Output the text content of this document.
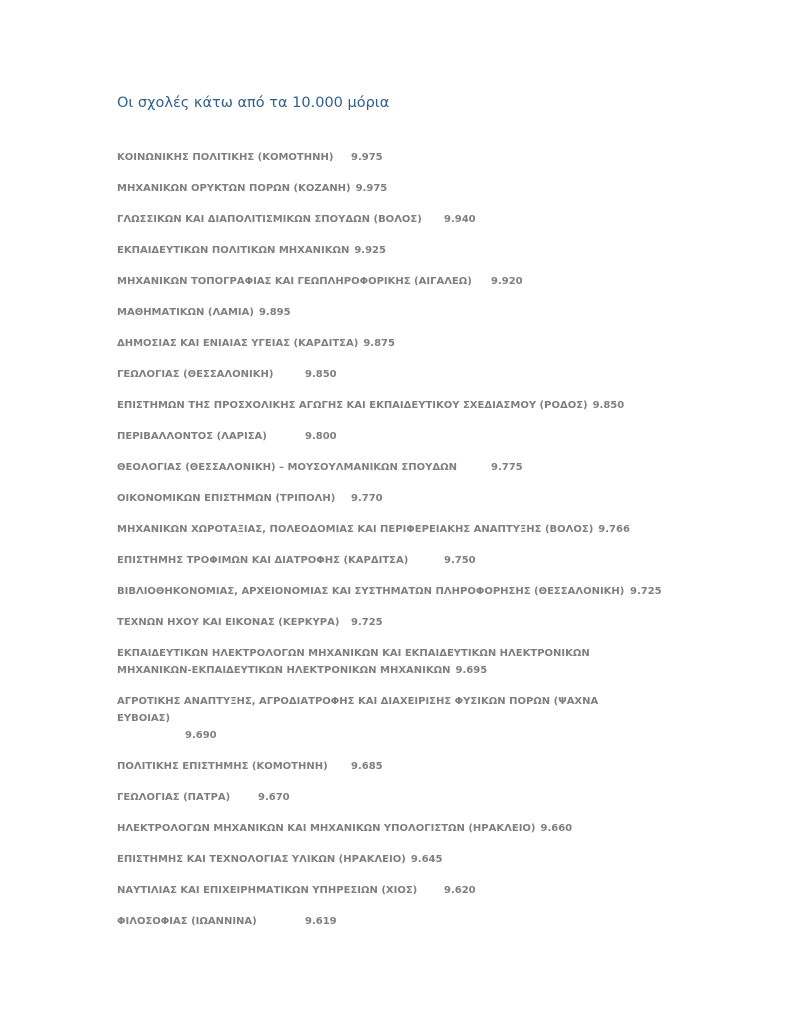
Οι σχολές κάτω από τα 10.000 μόρια
ΚΟΙΝΩΝΙΚΗΣ ΠΟΛΙΤΙΚΗΣ (ΚΟΜΟΤΗΝΗ) 9.975
ΜΗΧΑΝΙΚΩΝ ΟΡΥΚΤΩΝ ΠΟΡΩΝ (ΚΟΖΑΝΗ) 9.975
ΓΛΩΣΣΙΚΩΝ ΚΑΙ ΔΙΑΠΟΛΙΤΙΣΜΙΚΩΝ ΣΠΟΥΔΩΝ (ΒΟΛΟΣ) 9.940
ΕΚΠΑΙΔΕΥΤΙΚΩΝ ΠΟΛΙΤΙΚΩΝ ΜΗΧΑΝΙΚΩΝ 9.925
ΜΗΧΑΝΙΚΩΝ ΤΟΠΟΓΡΑΦΙΑΣ ΚΑΙ ΓΕΩΠΛΗΡΟΦΟΡΙΚΗΣ (ΑΙΓΑΛΕΩ) 9.920
ΜΑΘΗΜΑΤΙΚΩΝ (ΛΑΜΙΑ) 9.895
ΔΗΜΟΣΙΑΣ ΚΑΙ ΕΝΙΑΙΑΣ ΥΓΕΙΑΣ (ΚΑΡΔΙΤΣΑ) 9.875
ΓΕΩΛΟΓΙΑΣ (ΘΕΣΣΑΛΟΝΙΚΗ)	9.850
ΕΠΙΣΤΗΜΩΝ ΤΗΣ ΠΡΟΣΧΟΛΙΚΗΣ ΑΓΩΓΗΣ ΚΑΙ ΕΚΠΑΙΔΕΥΤΙΚΟΥ ΣΧΕΔΙΑΣΜΟΥ (ΡΟΔΟΣ) 9.850
ΠΕΡΙΒΑΛΛΟΝΤΟΣ (ΛΑΡΙΣΑ)	9.800
ΘΕΟΛΟΓΙΑΣ (ΘΕΣΣΑΛΟΝΙΚΗ) – ΜΟΥΣΟΥΛΜΑΝΙΚΩΝ ΣΠΟΥΔΩΝ	9.775
ΟΙΚΟΝΟΜΙΚΩΝ ΕΠΙΣΤΗΜΩΝ (ΤΡΙΠΟΛΗ) 9.770
ΜΗΧΑΝΙΚΩΝ ΧΩΡΟΤΑΞΙΑΣ, ΠΟΛΕΟΔΟΜΙΑΣ ΚΑΙ ΠΕΡΙΦΕΡΕΙΑΚΗΣ ΑΝΑΠΤΥΞΗΣ (ΒΟΛΟΣ) 9.766
ΕΠΙΣΤΗΜΗΣ ΤΡΟΦΙΜΩΝ ΚΑΙ ΔΙΑΤΡΟΦΗΣ (ΚΑΡΔΙΤΣΑ)	9.750
ΒΙΒΛΙΟΘΗΚΟΝΟΜΙΑΣ, ΑΡΧΕΙΟΝΟΜΙΑΣ ΚΑΙ ΣΥΣΤΗΜΑΤΩΝ ΠΛΗΡΟΦΟΡΗΣΗΣ (ΘΕΣΣΑΛΟΝΙΚΗ) 9.725
ΤΕΧΝΩΝ ΗΧΟΥ ΚΑΙ ΕΙΚΟΝΑΣ (ΚΕΡΚΥΡΑ) 9.725
ΕΚΠΑΙΔΕΥΤΙΚΩΝ ΗΛΕΚΤΡΟΛΟΓΩΝ ΜΗΧΑΝΙΚΩΝ ΚΑΙ ΕΚΠΑΙΔΕΥΤΙΚΩΝ ΗΛΕΚΤΡΟΝΙΚΩΝ ΜΗΧΑΝΙΚΩΝ-ΕΚΠΑΙΔΕΥΤΙΚΩΝ ΗΛΕΚΤΡΟΝΙΚΩΝ ΜΗΧΑΝΙΚΩΝ 9.695
ΑΓΡΟΤΙΚΗΣ ΑΝΑΠΤΥΞΗΣ, ΑΓΡΟΔΙΑΤΡΟΦΗΣ ΚΑΙ ΔΙΑΧΕΙΡΙΣΗΣ ΦΥΣΙΚΩΝ ΠΟΡΩΝ (ΨΑΧΝΑ ΕΥΒΟΙΑΣ)
9.690
ΠΟΛΙΤΙΚΗΣ ΕΠΙΣΤΗΜΗΣ (ΚΟΜΟΤΗΝΗ) 9.685
ΓΕΩΛΟΓΙΑΣ (ΠΑΤΡΑ)	9.670
ΗΛΕΚΤΡΟΛΟΓΩΝ ΜΗΧΑΝΙΚΩΝ ΚΑΙ ΜΗΧΑΝΙΚΩΝ ΥΠΟΛΟΓΙΣΤΩΝ (ΗΡΑΚΛΕΙΟ) 9.660
ΕΠΙΣΤΗΜΗΣ ΚΑΙ ΤΕΧΝΟΛΟΓΙΑΣ ΥΛΙΚΩΝ (ΗΡΑΚΛΕΙΟ) 9.645
ΝΑΥΤΙΛΙΑΣ ΚΑΙ ΕΠΙΧΕΙΡΗΜΑΤΙΚΩΝ ΥΠΗΡΕΣΙΩΝ (ΧΙΟΣ)	9.620
ΦΙΛΟΣΟΦΙΑΣ (ΙΩΑΝΝΙΝΑ)	9.619
